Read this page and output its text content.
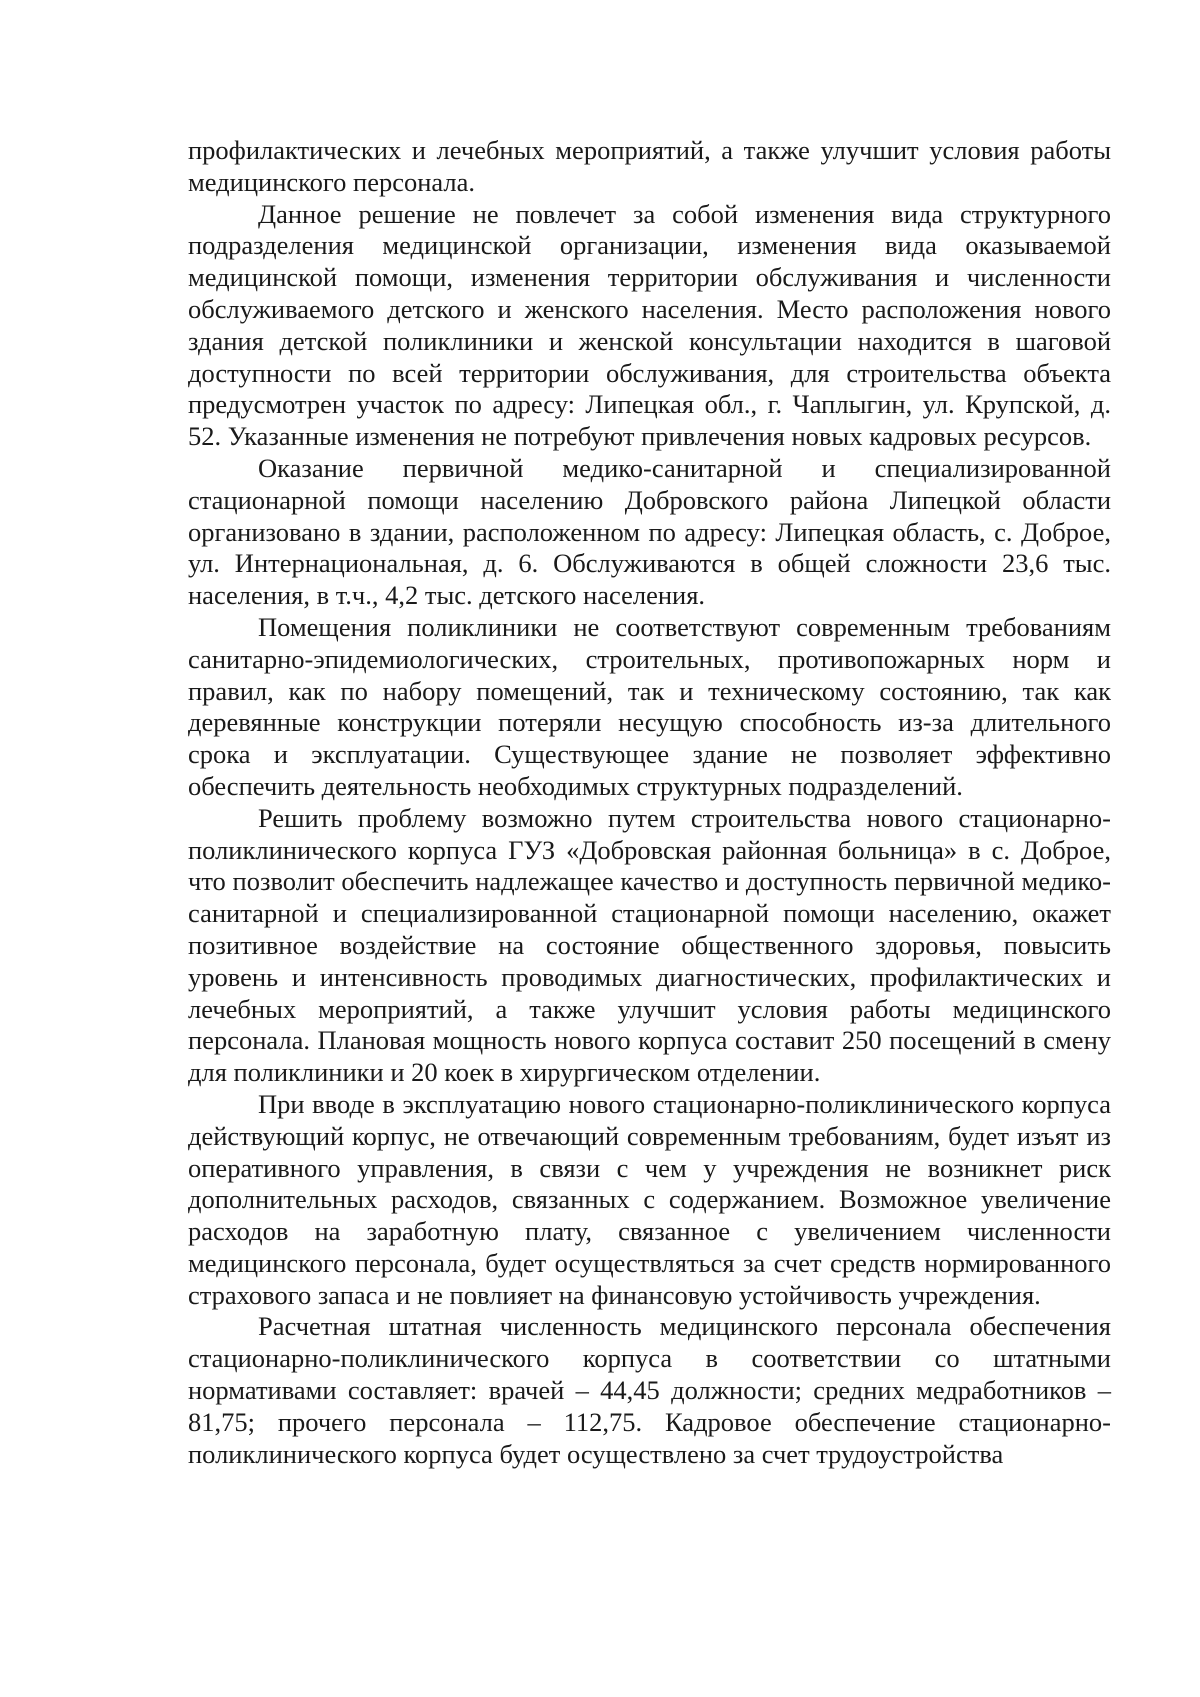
профилактических и лечебных мероприятий, а также улучшит условия работы медицинского персонала.

Данное решение не повлечет за собой изменения вида структурного подразделения медицинской организации, изменения вида оказываемой медицинской помощи, изменения территории обслуживания и численности обслуживаемого детского и женского населения. Место расположения нового здания детской поликлиники и женской консультации находится в шаговой доступности по всей территории обслуживания, для строительства объекта предусмотрен участок по адресу: Липецкая обл., г. Чаплыгин, ул. Крупской, д. 52. Указанные изменения не потребуют привлечения новых кадровых ресурсов.

Оказание первичной медико-санитарной и специализированной стационарной помощи населению Добровского района Липецкой области организовано в здании, расположенном по адресу: Липецкая область, с. Доброе, ул. Интернациональная, д. 6. Обслуживаются в общей сложности 23,6 тыс. населения, в т.ч., 4,2 тыс. детского населения.

Помещения поликлиники не соответствуют современным требованиям санитарно-эпидемиологических, строительных, противопожарных норм и правил, как по набору помещений, так и техническому состоянию, так как деревянные конструкции потеряли несущую способность из-за длительного срока и эксплуатации. Существующее здание не позволяет эффективно обеспечить деятельность необходимых структурных подразделений.

Решить проблему возможно путем строительства нового стационарно-поликлинического корпуса ГУЗ «Добровская районная больница» в с. Доброе, что позволит обеспечить надлежащее качество и доступность первичной медико-санитарной и специализированной стационарной помощи населению, окажет позитивное воздействие на состояние общественного здоровья, повысить уровень и интенсивность проводимых диагностических, профилактических и лечебных мероприятий, а также улучшит условия работы медицинского персонала. Плановая мощность нового корпуса составит 250 посещений в смену для поликлиники и 20 коек в хирургическом отделении.

При вводе в эксплуатацию нового стационарно-поликлинического корпуса действующий корпус, не отвечающий современным требованиям, будет изъят из оперативного управления, в связи с чем у учреждения не возникнет риск дополнительных расходов, связанных с содержанием. Возможное увеличение расходов на заработную плату, связанное с увеличением численности медицинского персонала, будет осуществляться за счет средств нормированного страхового запаса и не повлияет на финансовую устойчивость учреждения.

Расчетная штатная численность медицинского персонала обеспечения стационарно-поликлинического корпуса в соответствии со штатными нормативами составляет: врачей – 44,45 должности; средних медработников – 81,75; прочего персонала – 112,75. Кадровое обеспечение стационарно-поликлинического корпуса будет осуществлено за счет трудоустройства
